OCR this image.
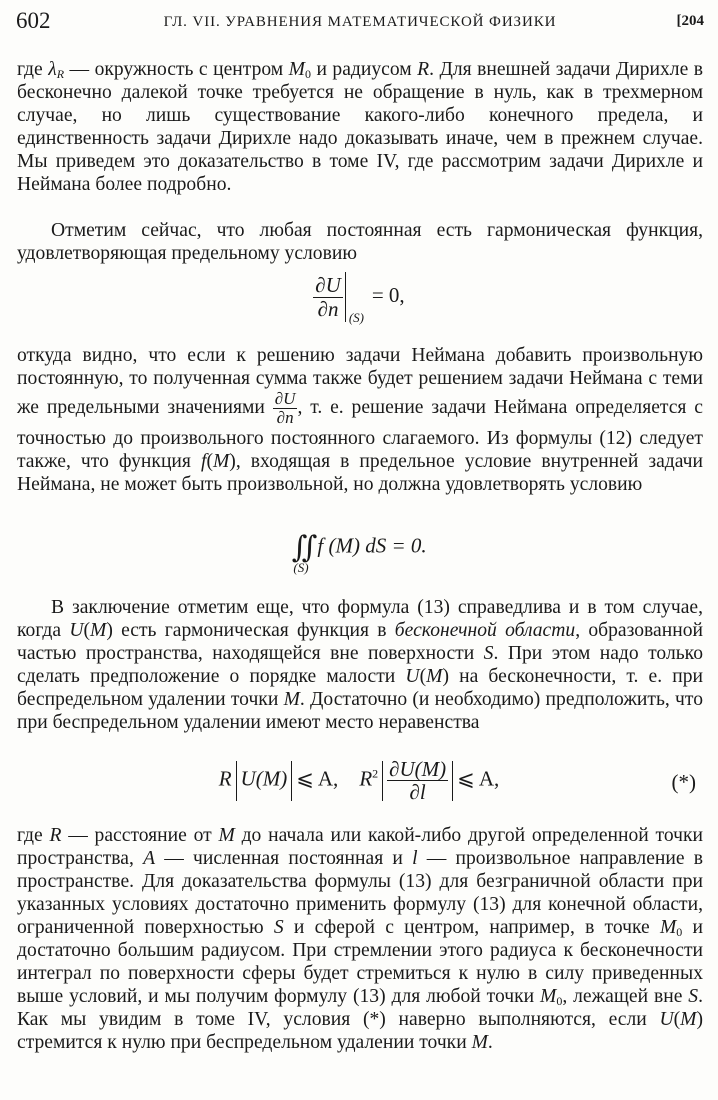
602	ГЛ. VII. УРАВНЕНИЯ МАТЕМАТИЧЕСКОЙ ФИЗИКИ	[204

где $\lambda_R$ — окружность с центром $M_0$ и радиусом R. Для внешней задачи Дирихле в бесконечно далекой точке требуется не обращение в нуль, как в трехмерном случае, но лишь существование какого-либо конечного предела, и единственность задачи Дирихле надо доказывать иначе, чем в прежнем случае. Мы приведем это доказательство в томе IV, где рассмотрим задачи Дирихле и Неймана более подробно.

Отметим сейчас, что любая постоянная есть гармоническая функция, удовлетворяющая предельному условию

$\frac{\partial U}{\partial n} (S)$
= 0,

откуда видно, что если к решению задачи Неймана добавить произвольную постоянную, то полученная сумма также будет решением задачи Неймана с теми же предельными значениями $\frac{\partial U}{\partial n}$ , т. е. решение задачи Неймана определяется с точностью до произвольного постоянного слагаемого. Из формулы (12) следует также, что функция f(M), входящая в предельное условие внутренней задачи Неймана, не может быть произвольной, но должна удовлетворять условию

∬
(S)
f (M) dS = 0.

В заключение отметим еще, что формула (13) справедлива и в том случае, когда U(M) есть гармоническая функция в бесконечной области, образованной частью пространства, находящейся вне поверхности S. При этом надо только сделать предположение о порядке малости U(M) на бесконечности, т. е. при беспредельном удалении точки M. Достаточно (и необходимо) предположить, что при беспредельном удалении имеют место неравенства

R U(M) ⩽ A, $R^2 \frac{\partial U(M)}{\partial l}$ ⩽ A,	(*)

где R — расстояние от M до начала или какой-либо другой определенной точки пространства, A — численная постоянная и l — произвольное направление в пространстве. Для доказательства формулы (13) для безграничной области при указанных условиях достаточно применить формулу (13) для конечной области, ограниченной поверхностью S и сферой с центром, например, в точке $M_0$ и достаточно большим радиусом. При стремлении этого радиуса к бесконечности интеграл по поверхности сферы будет стремиться к нулю в силу приведенных выше условий, и мы получим формулу (13) для любой точки $M_0$, лежащей вне S. Как мы увидим в томе IV, условия (*) наверно выполняются, если U(M) стремится к нулю при беспредельном удалении точки M.
